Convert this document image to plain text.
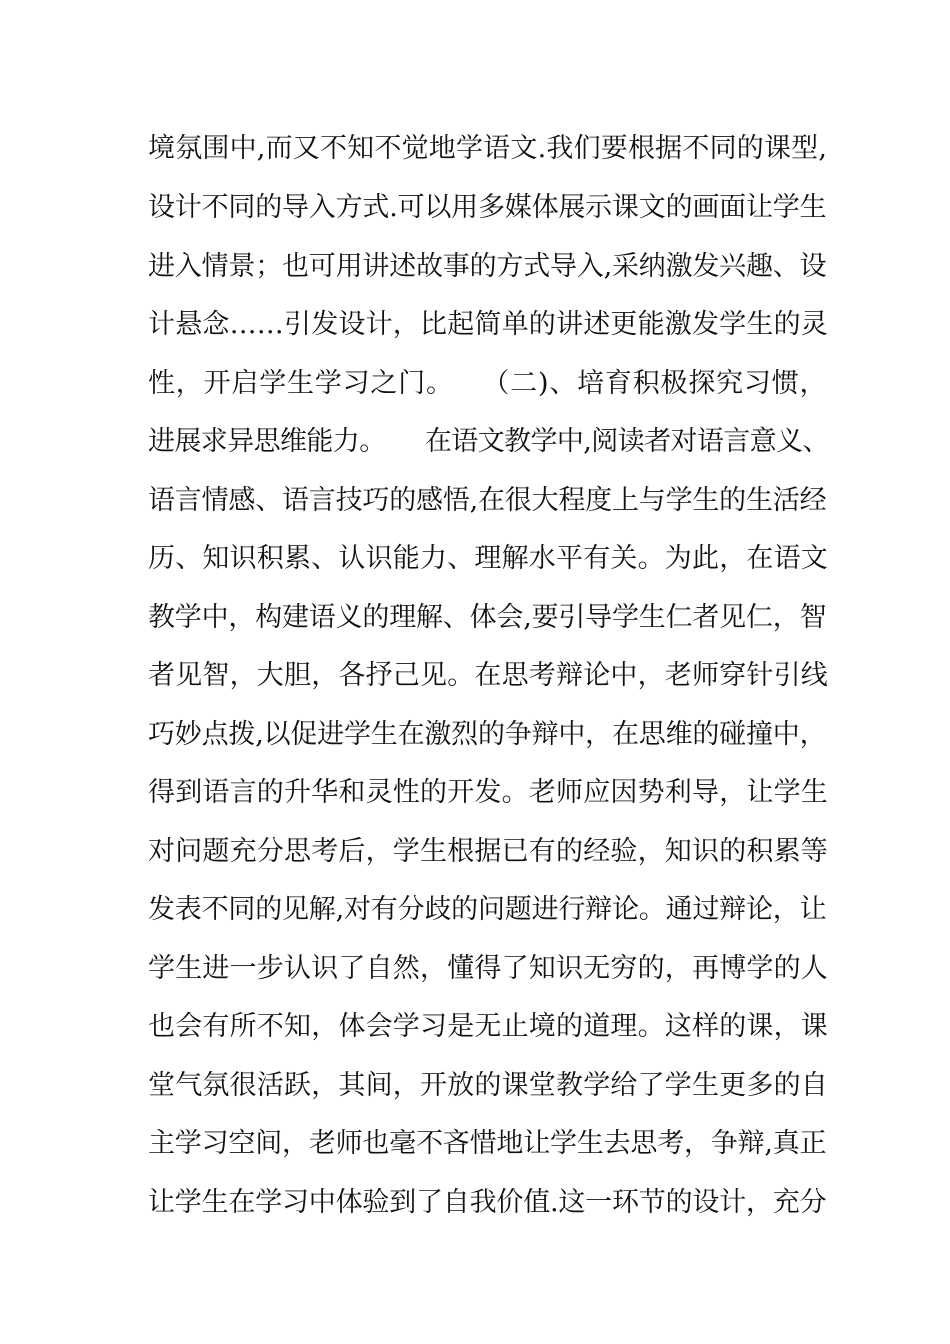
境氛围中,而又不知不觉地学语文.我们要根据不同的课型,
设计不同的导入方式.可以用多媒体展示课文的画面让学生
进入情景；也可用讲述故事的方式导入,采纳激发兴趣、设
计悬念……引发设计，比起简单的讲述更能激发学生的灵
性，开启学生学习之门。　　（二)、培育积极探究习惯，
进展求异思维能力。　　在语文教学中,阅读者对语言意义、
语言情感、语言技巧的感悟,在很大程度上与学生的生活经
历、知识积累、认识能力、理解水平有关。为此，在语文
教学中，构建语义的理解、体会,要引导学生仁者见仁，智
者见智，大胆，各抒己见。在思考辩论中，老师穿针引线
巧妙点拨,以促进学生在激烈的争辩中，在思维的碰撞中，
得到语言的升华和灵性的开发。老师应因势利导，让学生
对问题充分思考后，学生根据已有的经验，知识的积累等
发表不同的见解,对有分歧的问题进行辩论。通过辩论，让
学生进一步认识了自然，懂得了知识无穷的，再博学的人
也会有所不知，体会学习是无止境的道理。这样的课，课
堂气氛很活跃，其间，开放的课堂教学给了学生更多的自
主学习空间，老师也毫不吝惜地让学生去思考，争辩,真正
让学生在学习中体验到了自我价值.这一环节的设计，充分
